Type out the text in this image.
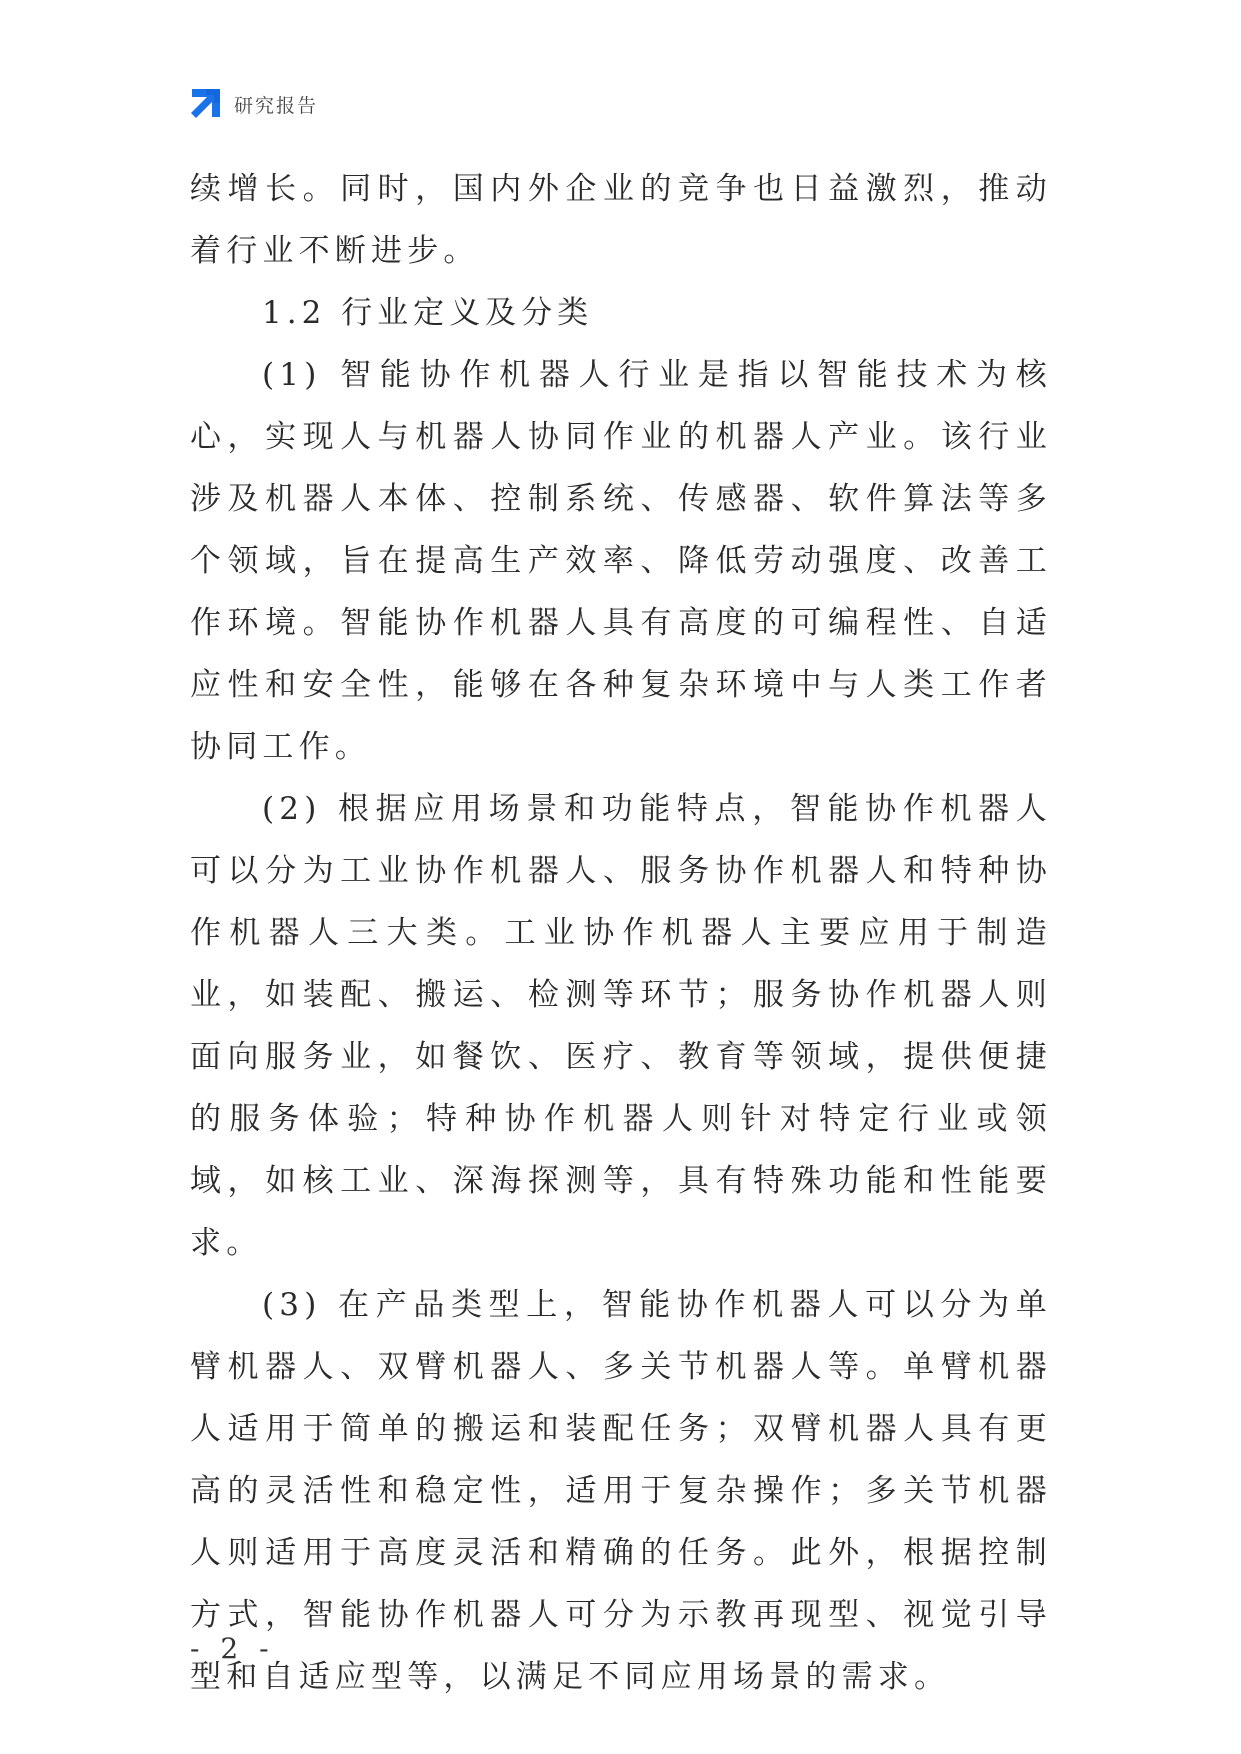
研究报告

续增长。同时，国内外企业的竞争也日益激烈，推动着行业不断进步。

1.2 行业定义及分类

(1) 智能协作机器人行业是指以智能技术为核心，实现人与机器人协同作业的机器人产业。该行业涉及机器人本体、控制系统、传感器、软件算法等多个领域，旨在提高生产效率、降低劳动强度、改善工作环境。智能协作机器人具有高度的可编程性、自适应性和安全性，能够在各种复杂环境中与人类工作者协同工作。

(2) 根据应用场景和功能特点，智能协作机器人可以分为工业协作机器人、服务协作机器人和特种协作机器人三大类。工业协作机器人主要应用于制造业，如装配、搬运、检测等环节；服务协作机器人则面向服务业，如餐饮、医疗、教育等领域，提供便捷的服务体验；特种协作机器人则针对特定行业或领域，如核工业、深海探测等，具有特殊功能和性能要求。

(3) 在产品类型上，智能协作机器人可以分为单臂机器人、双臂机器人、多关节机器人等。单臂机器人适用于简单的搬运和装配任务；双臂机器人具有更高的灵活性和稳定性，适用于复杂操作；多关节机器人则适用于高度灵活和精确的任务。此外，根据控制方式，智能协作机器人可分为示教再现型、视觉引导型和自适应型等，以满足不同应用场景的需求。

- 2 -
